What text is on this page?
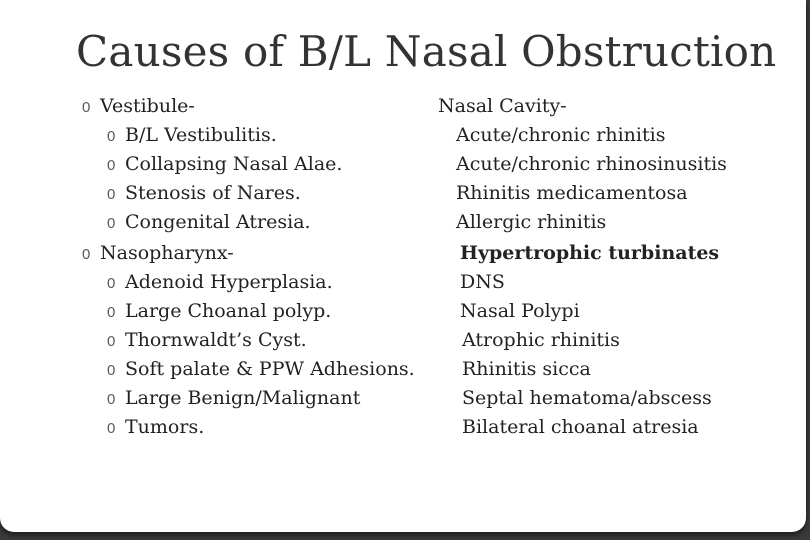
Causes of B/L Nasal Obstruction
0 Vestibule-
0 B/L Vestibulitis.
0 Collapsing Nasal Alae.
0 Stenosis of Nares.
0 Congenital Atresia.
0 Nasopharynx-
0 Adenoid Hyperplasia.
0 Large Choanal polyp.
0 Thornwaldt’s Cyst.
0 Soft palate & PPW Adhesions.
0 Large Benign/Malignant
0 Tumors.
Nasal Cavity-
Acute/chronic rhinitis
Acute/chronic rhinosinusitis
Rhinitis medicamentosa
Allergic rhinitis
Hypertrophic turbinates
DNS
Nasal Polypi
Atrophic rhinitis
Rhinitis sicca
Septal hematoma/abscess
Bilateral choanal atresia
